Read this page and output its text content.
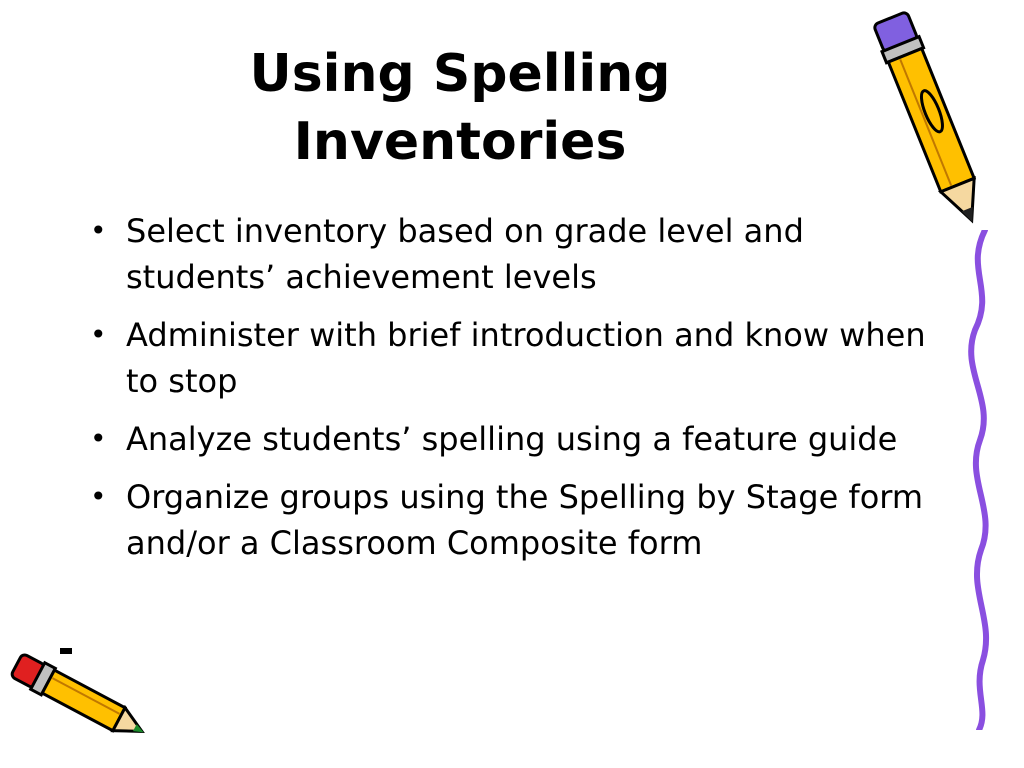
Using Spelling
Inventories
• Select inventory based on grade level and students’ achievement levels
• Administer with brief introduction and know when to stop
• Analyze students’ spelling using a feature guide
• Organize groups using the Spelling by Stage form and/or a Classroom Composite form
